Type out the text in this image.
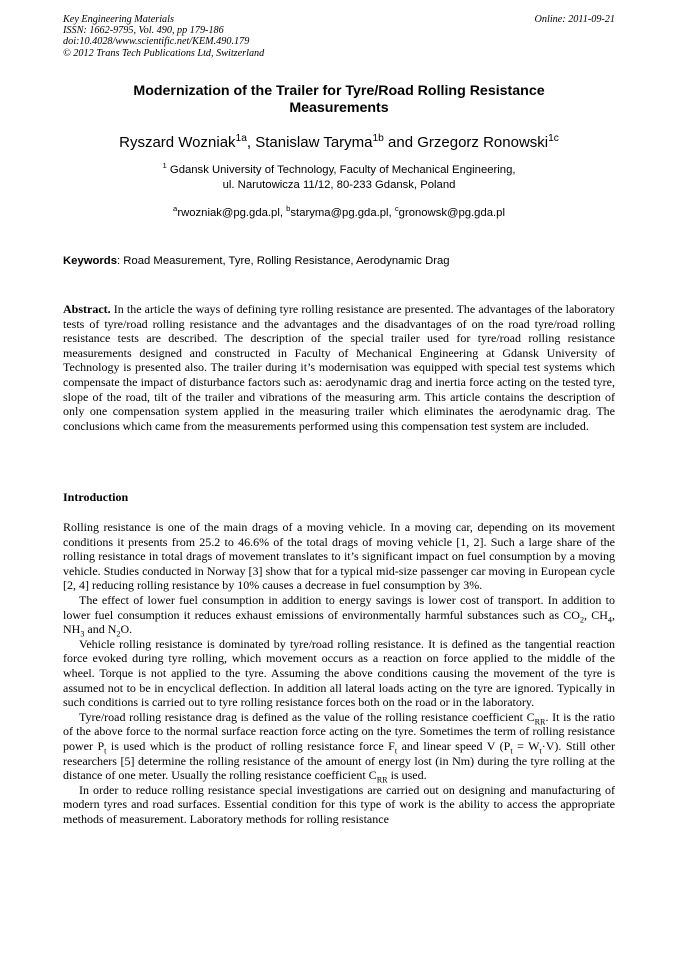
Key Engineering Materials
ISSN: 1662-9795, Vol. 490, pp 179-186
doi:10.4028/www.scientific.net/KEM.490.179
© 2012 Trans Tech Publications Ltd, Switzerland
Online: 2011-09-21
Modernization of the Trailer for Tyre/Road Rolling Resistance
Measurements
Ryszard Wozniak$^{1a}$, Stanislaw Taryma$^{1b}$ and Grzegorz Ronowski$^{1c}$
$^1$ Gdansk University of Technology, Faculty of Mechanical Engineering,
ul. Narutowicza 11/12, 80-233 Gdansk, Poland
$^a$rwozniak@pg.gda.pl, $^b$staryma@pg.gda.pl, $^c$gronowsk@pg.gda.pl
Keywords: Road Measurement, Tyre, Rolling Resistance, Aerodynamic Drag

Abstract. In the article the ways of defining tyre rolling resistance are presented. The advantages of the laboratory tests of tyre/road rolling resistance and the advantages and the disadvantages of on the road tyre/road rolling resistance tests are described. The description of the special trailer used for tyre/road rolling resistance measurements designed and constructed in Faculty of Mechanical Engineering at Gdansk University of Technology is presented also. The trailer during it’s modernisation was equipped with special test systems which compensate the impact of disturbance factors such as: aerodynamic drag and inertia force acting on the tested tyre, slope of the road, tilt of the trailer and vibrations of the measuring arm. This article contains the description of only one compensation system applied in the measuring trailer which eliminates the aerodynamic drag. The conclusions which came from the measurements performed using this compensation test system are included.

Introduction

Rolling resistance is one of the main drags of a moving vehicle. In a moving car, depending on its movement conditions it presents from 25.2 to 46.6% of the total drags of moving vehicle [1, 2]. Such a large share of the rolling resistance in total drags of movement translates to it’s significant impact on fuel consumption by a moving vehicle. Studies conducted in Norway [3] show that for a typical mid-size passenger car moving in European cycle [2, 4] reducing rolling resistance by 10% causes a decrease in fuel consumption by 3%.

The effect of lower fuel consumption in addition to energy savings is lower cost of transport. In addition to lower fuel consumption it reduces exhaust emissions of environmentally harmful substances such as $CO_2$, $CH_4$, $NH_3$ and $N_2O$.

Vehicle rolling resistance is dominated by tyre/road rolling resistance. It is defined as the tangential reaction force evoked during tyre rolling, which movement occurs as a reaction on force applied to the middle of the wheel. Torque is not applied to the tyre. Assuming the above conditions causing the movement of the tyre is assumed not to be in encyclical deflection. In addition all lateral loads acting on the tyre are ignored. Typically in such conditions is carried out to tyre rolling resistance forces both on the road or in the laboratory.

Tyre/road rolling resistance drag is defined as the value of the rolling resistance coefficient $C_{RR}$. It is the ratio of the above force to the normal surface reaction force acting on the tyre. Sometimes the term of rolling resistance power $P_t$ is used which is the product of rolling resistance force $F_t$ and linear speed V $(P_t = W_t\cdot V)$. Still other researchers [5] determine the rolling resistance of the amount of energy lost (in Nm) during the tyre rolling at the distance of one meter. Usually the rolling resistance coefficient $C_{RR}$ is used.

In order to reduce rolling resistance special investigations are carried out on designing and manufacturing of modern tyres and road surfaces. Essential condition for this type of work is the ability to access the appropriate methods of measurement. Laboratory methods for rolling resistance
